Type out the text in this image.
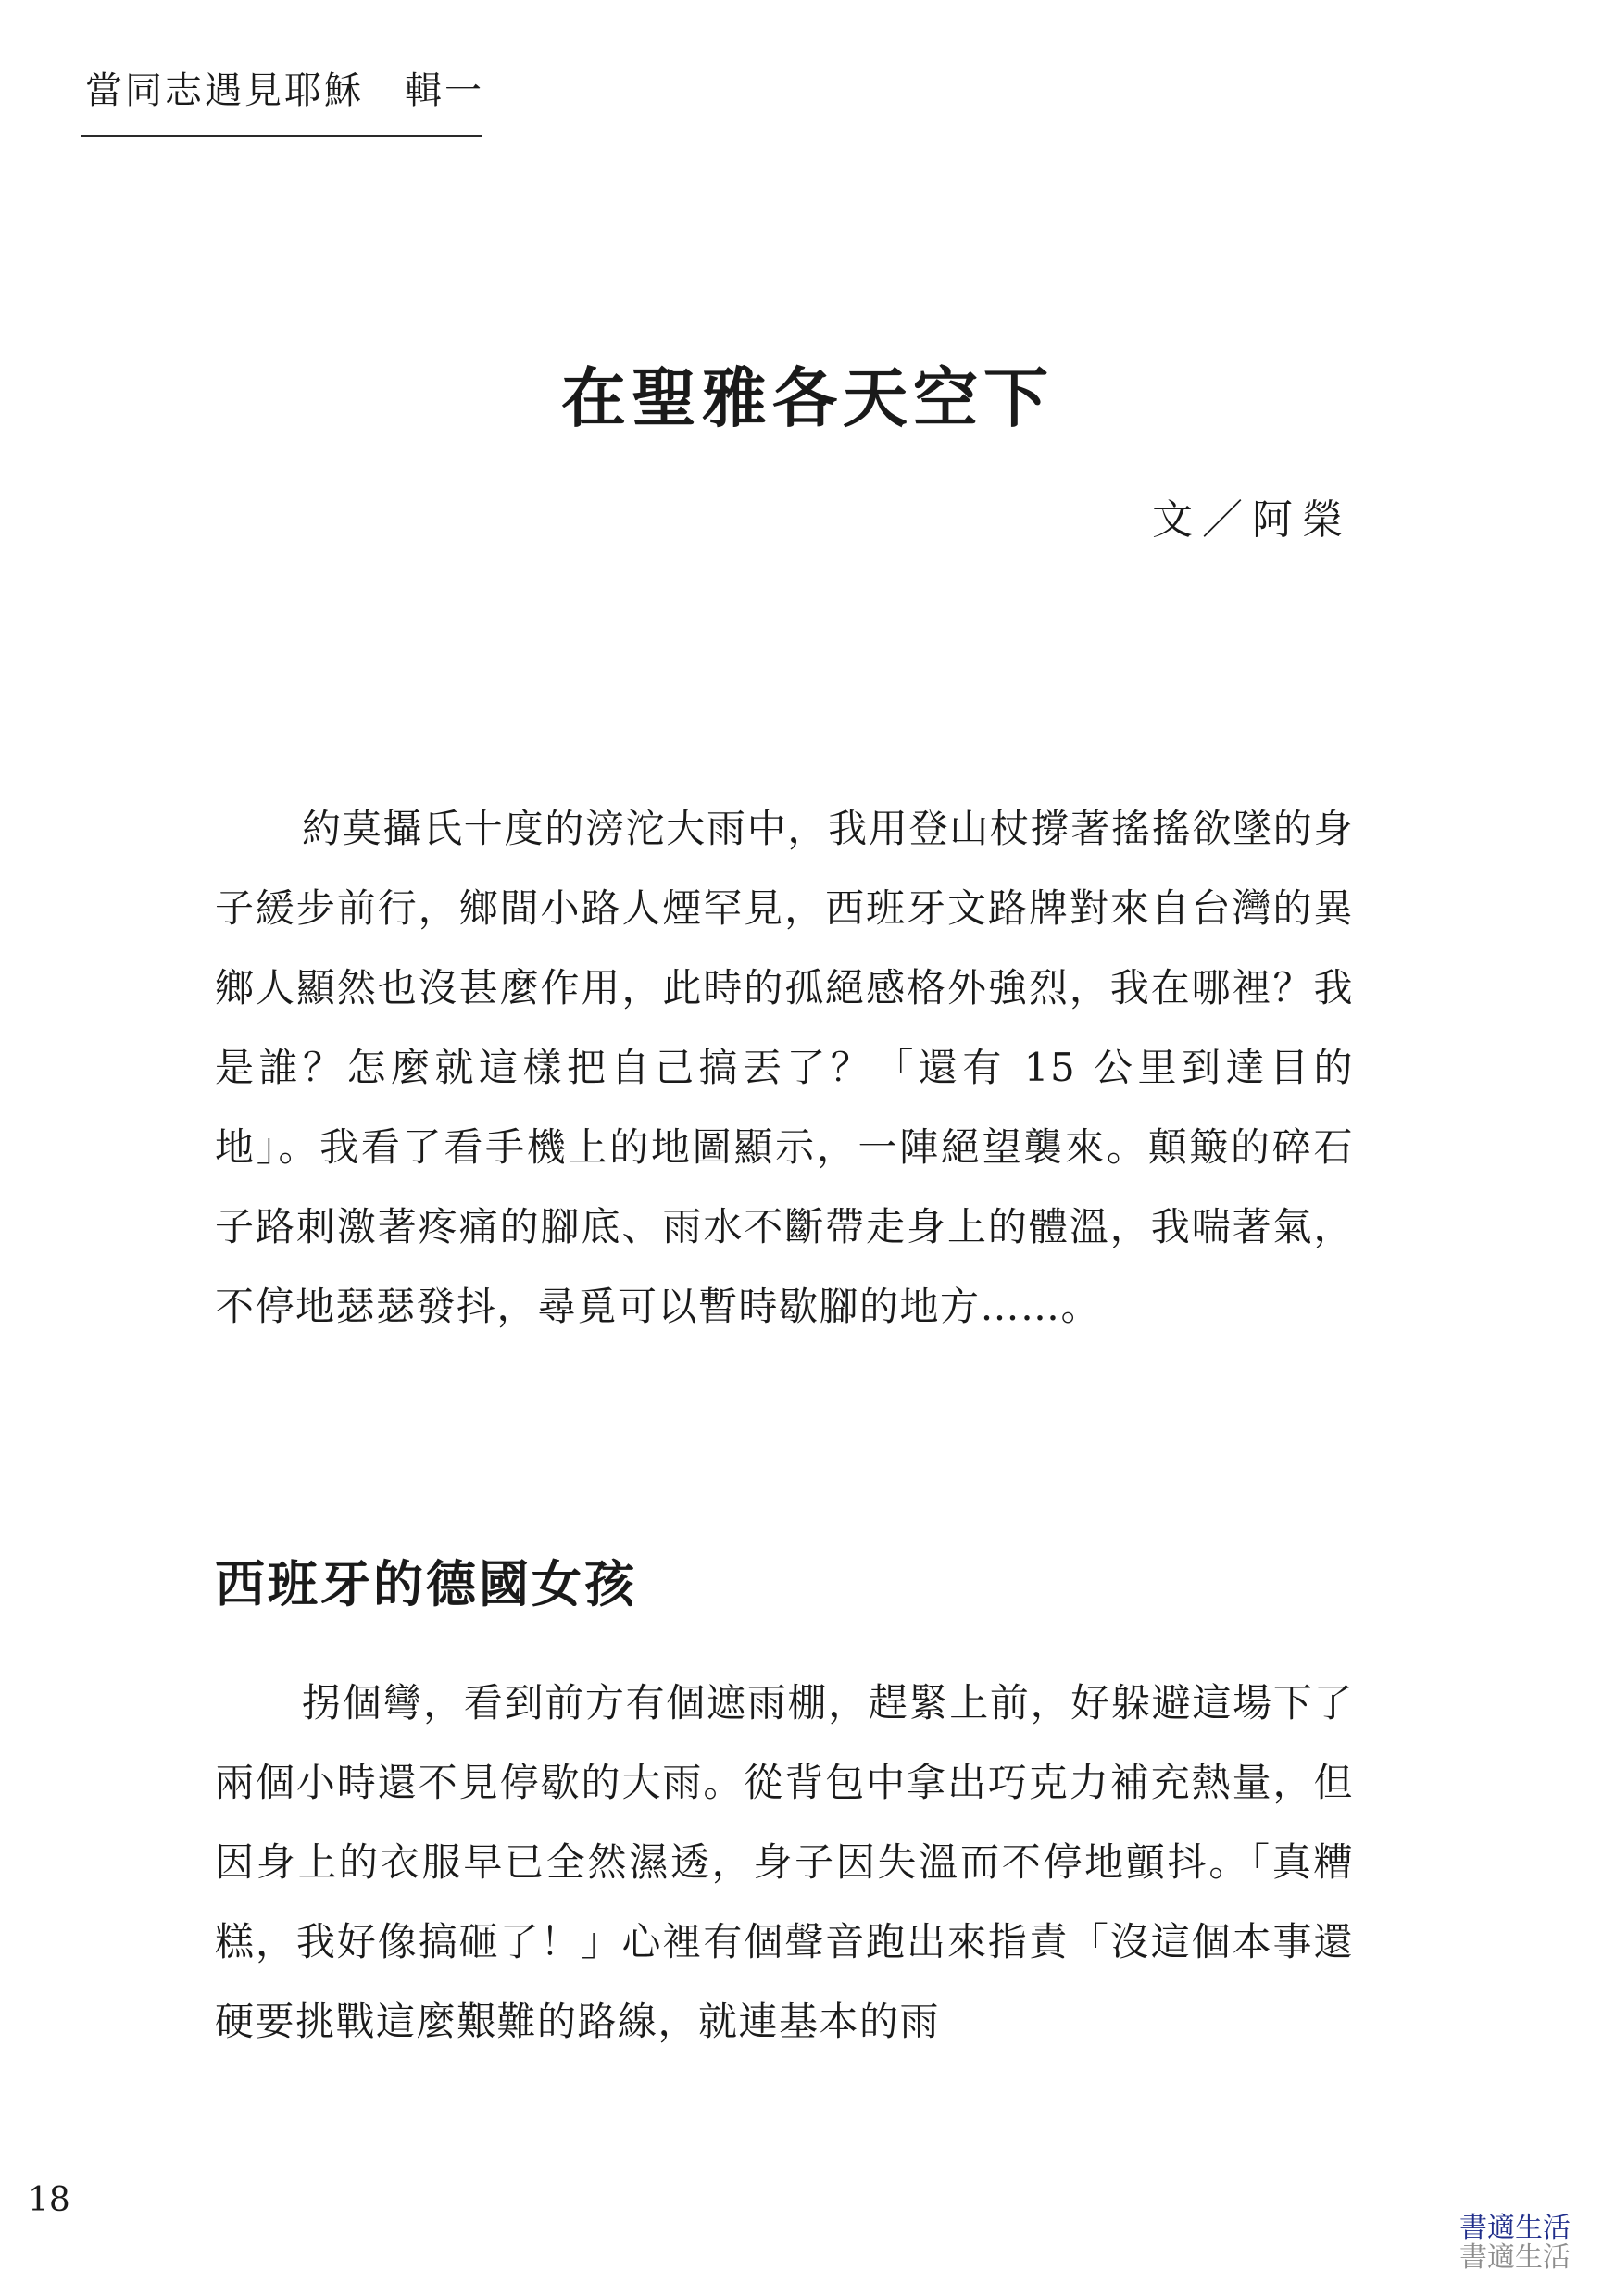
當同志遇見耶穌 輯一
在聖雅各天空下
文／阿榮

約莫攝氏十度的滂沱大雨中，我用登山杖撐著搖搖欲墜的身子緩步前行，鄉間小路人煙罕見，西班牙文路牌對來自台灣的異鄉人顯然也沒甚麼作用，此時的孤絕感格外強烈，我在哪裡？我是誰？怎麼就這樣把自己搞丟了？「還有 15 公里到達目的地」。我看了看手機上的地圖顯示，一陣絕望襲來。顛簸的碎石子路刺激著疼痛的腳底、雨水不斷帶走身上的體溫，我喘著氣，不停地瑟瑟發抖，尋覓可以暫時歇腳的地方……。

西班牙的德國女孩

拐個彎，看到前方有個遮雨棚，趕緊上前，好躲避這場下了兩個小時還不見停歇的大雨。從背包中拿出巧克力補充熱量，但因身上的衣服早已全然濕透，身子因失溫而不停地顫抖。「真糟糕，我好像搞砸了！」心裡有個聲音跑出來指責「沒這個本事還硬要挑戰這麼艱難的路線，就連基本的雨

18
書適生活
書適生活
